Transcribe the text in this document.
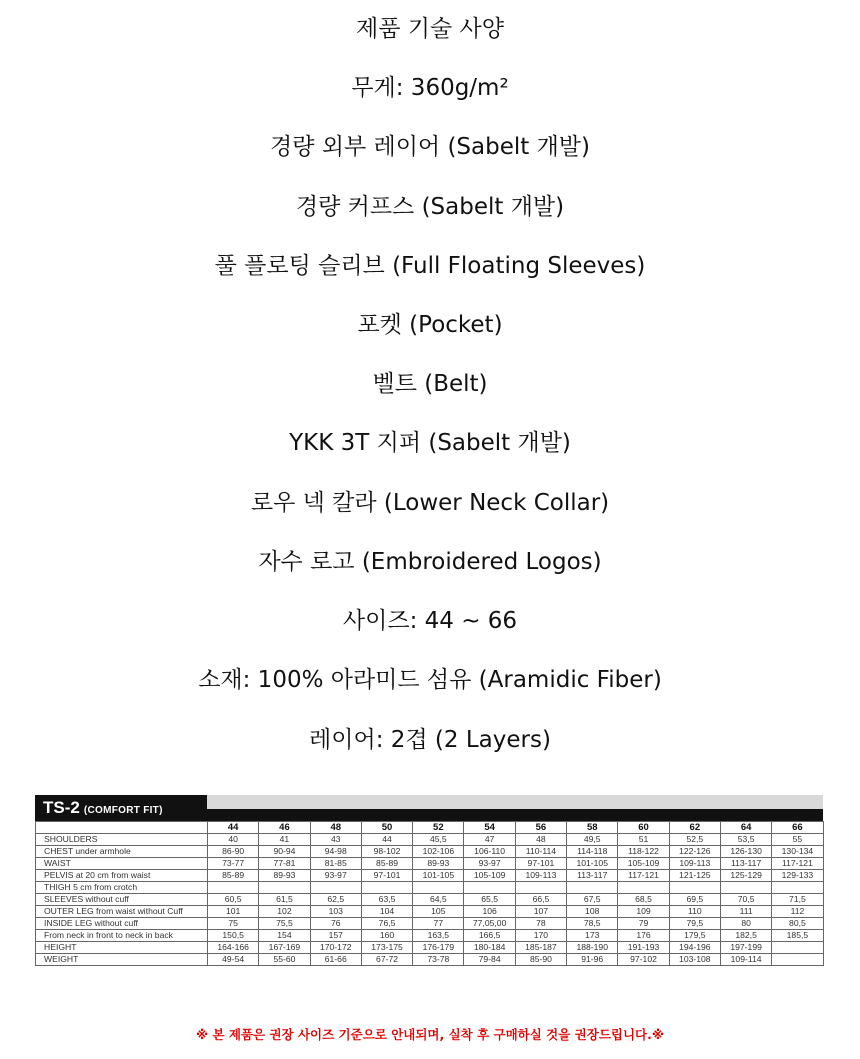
제품 기술 사양
무게: 360g/m²
경량 외부 레이어 (Sabelt 개발)
경량 커프스 (Sabelt 개발)
풀 플로팅 슬리브 (Full Floating Sleeves)
포켓 (Pocket)
벨트 (Belt)
YKK 3T 지퍼 (Sabelt 개발)
로우 넥 칼라 (Lower Neck Collar)
자수 로고 (Embroidered Logos)
사이즈: 44 ~ 66
소재: 100% 아라미드 섬유 (Aramidic Fiber)
레이어: 2겹 (2 Layers)
TS-2 (COMFORT FIT)
	44	46	48	50	52	54	56	58	60	62	64	66
SHOULDERS	40	41	43	44	45,5	47	48	49,5	51	52,5	53,5	55
CHEST under armhole	86-90	90-94	94-98	98-102	102-106	106-110	110-114	114-118	118-122	122-126	126-130	130-134
WAIST	73-77	77-81	81-85	85-89	89-93	93-97	97-101	101-105	105-109	109-113	113-117	117-121
PELVIS at 20 cm from waist	85-89	89-93	93-97	97-101	101-105	105-109	109-113	113-117	117-121	121-125	125-129	129-133
THIGH 5 cm from crotch												
SLEEVES without cuff	60,5	61,5	62,5	63,5	64,5	65,5	66,5	67,5	68,5	69,5	70,5	71,5
OUTER LEG from waist without Cuff	101	102	103	104	105	106	107	108	109	110	111	112
INSIDE LEG without cuff	75	75,5	76	76,5	77	77,05,00	78	78,5	79	79,5	80	80,5
From neck in front to neck in back	150,5	154	157	160	163,5	166,5	170	173	176	179,5	182,5	185,5
HEIGHT	164-166	167-169	170-172	173-175	176-179	180-184	185-187	188-190	191-193	194-196	197-199	
WEIGHT	49-54	55-60	61-66	67-72	73-78	79-84	85-90	91-96	97-102	103-108	109-114	
※ 본 제품은 권장 사이즈 기준으로 안내되며, 실착 후 구매하실 것을 권장드립니다.※
